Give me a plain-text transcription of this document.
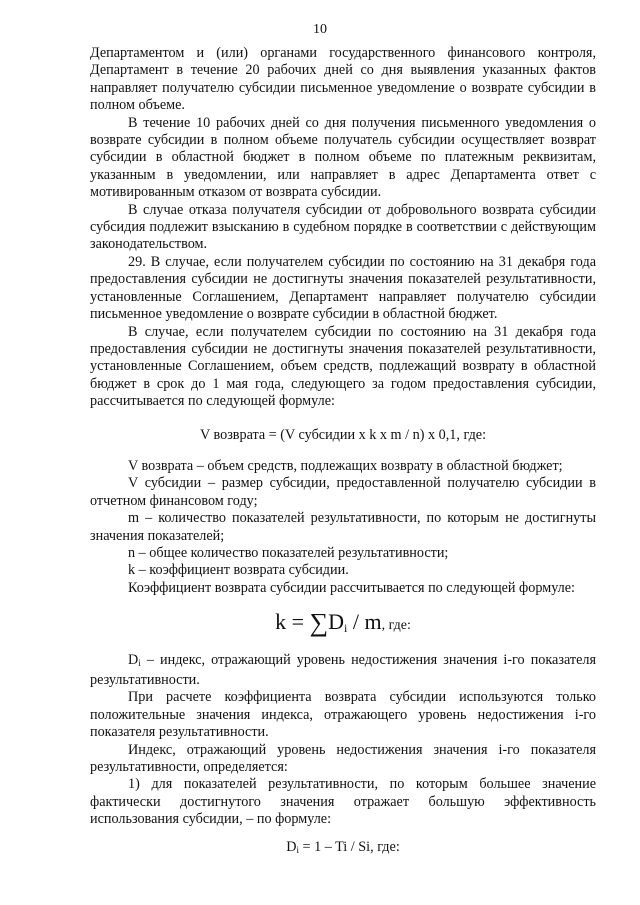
10

Департаментом и (или) органами государственного финансового контроля, Департамент в течение 20 рабочих дней со дня выявления указанных фактов направляет получателю субсидии письменное уведомление о возврате субсидии в полном объеме.

В течение 10 рабочих дней со дня получения письменного уведомления о возврате субсидии в полном объеме получатель субсидии осуществляет возврат субсидии в областной бюджет в полном объеме по платежным реквизитам, указанным в уведомлении, или направляет в адрес Департамента ответ с мотивированным отказом от возврата субсидии.

В случае отказа получателя субсидии от добровольного возврата субсидии субсидия подлежит взысканию в судебном порядке в соответствии с действующим законодательством.

29. В случае, если получателем субсидии по состоянию на 31 декабря года предоставления субсидии не достигнуты значения показателей результативности, установленные Соглашением, Департамент направляет получателю субсидии письменное уведомление о возврате субсидии в областной бюджет.

В случае, если получателем субсидии по состоянию на 31 декабря года предоставления субсидии не достигнуты значения показателей результативности, установленные Соглашением, объем средств, подлежащий возврату в областной бюджет в срок до 1 мая года, следующего за годом предоставления субсидии, рассчитывается по следующей формуле:

V возврата = (V субсидии x k x m / n) x 0,1, где:

V возврата – объем средств, подлежащих возврату в областной бюджет;

V субсидии – размер субсидии, предоставленной получателю субсидии в отчетном финансовом году;

m – количество показателей результативности, по которым не достигнуты значения показателей;

n – общее количество показателей результативности;

k – коэффициент возврата субсидии.

Коэффициент возврата субсидии рассчитывается по следующей формуле:

$k = \sum D_i / m$, где:

$D_i$ – индекс, отражающий уровень недостижения значения i-го показателя результативности.

При расчете коэффициента возврата субсидии используются только положительные значения индекса, отражающего уровень недостижения i-го показателя результативности.

Индекс, отражающий уровень недостижения значения i-го показателя результативности, определяется:

1) для показателей результативности, по которым большее значение фактически достигнутого значения отражает большую эффективность использования субсидии, – по формуле:

$D_i = 1 - Ti / Si$, где:
